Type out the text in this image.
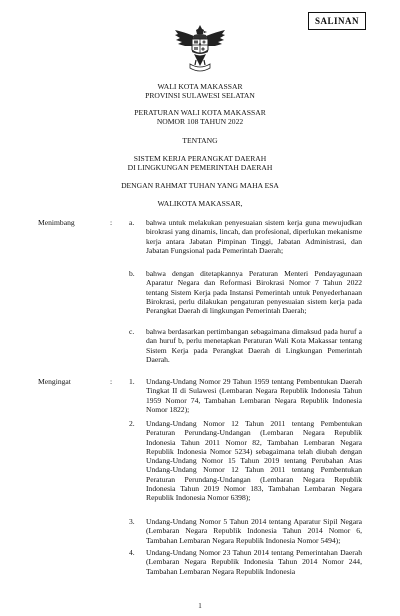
SALINAN
WALI KOTA MAKASSAR
PROVINSI SULAWESI SELATAN
PERATURAN WALI KOTA MAKASSAR
NOMOR 108 TAHUN 2022
TENTANG
SISTEM KERJA PERANGKAT DAERAH
DI LINGKUNGAN PEMERINTAH DAERAH
DENGAN RAHMAT TUHAN YANG MAHA ESA
WALIKOTA MAKASSAR,
Menimbang	: a. bahwa untuk melakukan penyesuaian sistem kerja guna mewujudkan birokrasi yang dinamis, lincah, dan profesional, diperlukan mekanisme kerja antara Jabatan Pimpinan Tinggi, Jabatan Administrasi, dan Jabatan Fungsional pada Pemerintah Daerah;

b. bahwa dengan ditetapkannya Peraturan Menteri Pendayagunaan Aparatur Negara dan Reformasi Birokrasi Nomor 7 Tahun 2022 tentang Sistem Kerja pada Instansi Pemerintah untuk Penyederhanaan Birokrasi, perlu dilakukan pengaturan penyesuaian sistem kerja pada Perangkat Daerah di lingkungan Pemerintah Daerah;

c. bahwa berdasarkan pertimbangan sebagaimana dimaksud pada huruf a dan huruf b, perlu menetapkan Peraturan Wali Kota Makassar tentang Sistem Kerja pada Perangkat Daerah di Lingkungan Pemerintah Daerah.

Mengingat	: 1. Undang-Undang Nomor 29 Tahun 1959 tentang Pembentukan Daerah Tingkat II di Sulawesi (Lembaran Negara Republik Indonesia Tahun 1959 Nomor 74, Tambahan Lembaran Negara Republik Indonesia Nomor 1822);

2. Undang-Undang Nomor 12 Tahun 2011 tentang Pembentukan Peraturan Perundang-Undangan (Lembaran Negara Republik Indonesia Tahun 2011 Nomor 82, Tambahan Lembaran Negara Republik Indonesia Nomor 5234) sebagaimana telah diubah dengan Undang-Undang Nomor 15 Tahun 2019 tentang Perubahan Atas Undang-Undang Nomor 12 Tahun 2011 tentang Pembentukan Peraturan Perundang-Undangan (Lembaran Negara Republik Indonesia Tahun 2019 Nomor 183, Tambahan Lembaran Negara Republik Indonesia Nomor 6398);

3. Undang-Undang Nomor 5 Tahun 2014 tentang Aparatur Sipil Negara (Lembaran Negara Republik Indonesia Tahun 2014 Nomor 6, Tambahan Lembaran Negara Republik Indonesia Nomor 5494);

4. Undang-Undang Nomor 23 Tahun 2014 tentang Pemerintahan Daerah (Lembaran Negara Republik Indonesia Tahun 2014 Nomor 244, Tambahan Lembaran Negara Republik Indonesia

1
